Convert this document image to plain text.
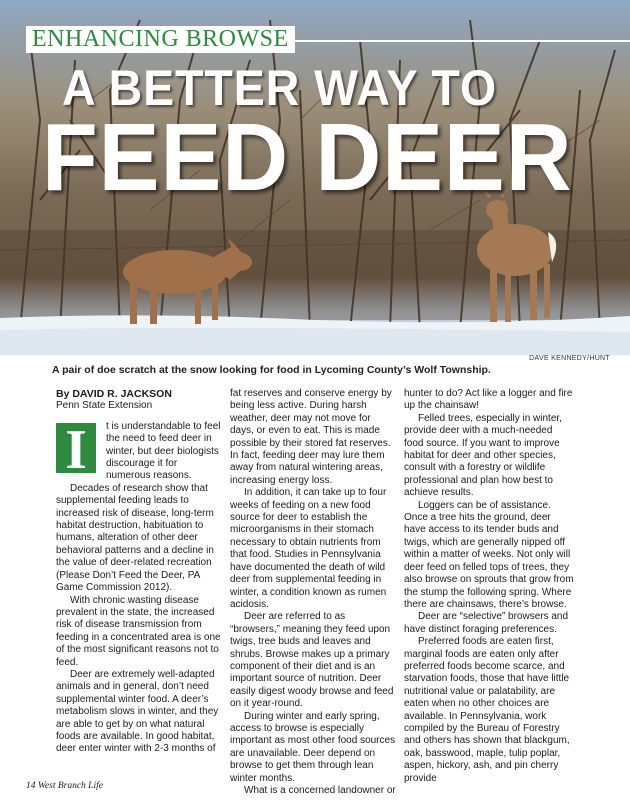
ENHANCING BROWSE
A BETTER WAY TO
FEED DEER
DAVE KENNEDY/HUNT
A pair of doe scratch at the snow looking for food in Lycoming County’s Wolf Township.
By DAVID R. JACKSON
Penn State Extension
I	t is understandable to feel the need to feed deer in winter, but deer biologists discourage it for numerous reasons.

Decades of research show that supplemental feeding leads to increased risk of disease, long-term habitat destruction, habituation to humans, alteration of other deer behavioral patterns and a decline in the value of deer-related recreation (Please Don’t Feed the Deer, PA Game Commission 2012).

With chronic wasting disease prevalent in the state, the increased risk of disease transmission from feeding in a concentrated area is one of the most significant reasons not to feed.

Deer are extremely well-adapted animals and in general, don’t need supplemental winter food. A deer’s metabolism slows in winter, and they are able to get by on what natural foods are available. In good habitat, deer enter winter with 2-3 months of

fat reserves and conserve energy by being less active. During harsh weather, deer may not move for days, or even to eat. This is made possible by their stored fat reserves. In fact, feeding deer may lure them away from natural wintering areas, increasing energy loss.

In addition, it can take up to four weeks of feeding on a new food source for deer to establish the microorganisms in their stomach necessary to obtain nutrients from that food. Studies in Pennsylvania have documented the death of wild deer from supplemental feeding in winter, a condition known as rumen acidosis.

Deer are referred to as “browsers,” meaning they feed upon twigs, tree buds and leaves and shrubs. Browse makes up a primary component of their diet and is an important source of nutrition. Deer easily digest woody browse and feed on it year-round.

During winter and early spring, access to browse is especially important as most other food sources are unavailable. Deer depend on browse to get them through lean winter months.

What is a concerned landowner or

hunter to do? Act like a logger and fire up the chainsaw!

Felled trees, especially in winter, provide deer with a much-needed food source. If you want to improve habitat for deer and other species, consult with a forestry or wildlife professional and plan how best to achieve results.

Loggers can be of assistance. Once a tree hits the ground, deer have access to its tender buds and twigs, which are generally nipped off within a matter of weeks. Not only will deer feed on felled tops of trees, they also browse on sprouts that grow from the stump the following spring. Where there are chainsaws, there’s browse.

Deer are “selective” browsers and have distinct foraging preferences.

Preferred foods are eaten first, marginal foods are eaten only after preferred foods become scarce, and starvation foods, those that have little nutritional value or palatability, are eaten when no other choices are available. In Pennsylvania, work compiled by the Bureau of Forestry and others has shown that blackgum, oak, basswood, maple, tulip poplar, aspen, hickory, ash, and pin cherry provide

14 West Branch Life
